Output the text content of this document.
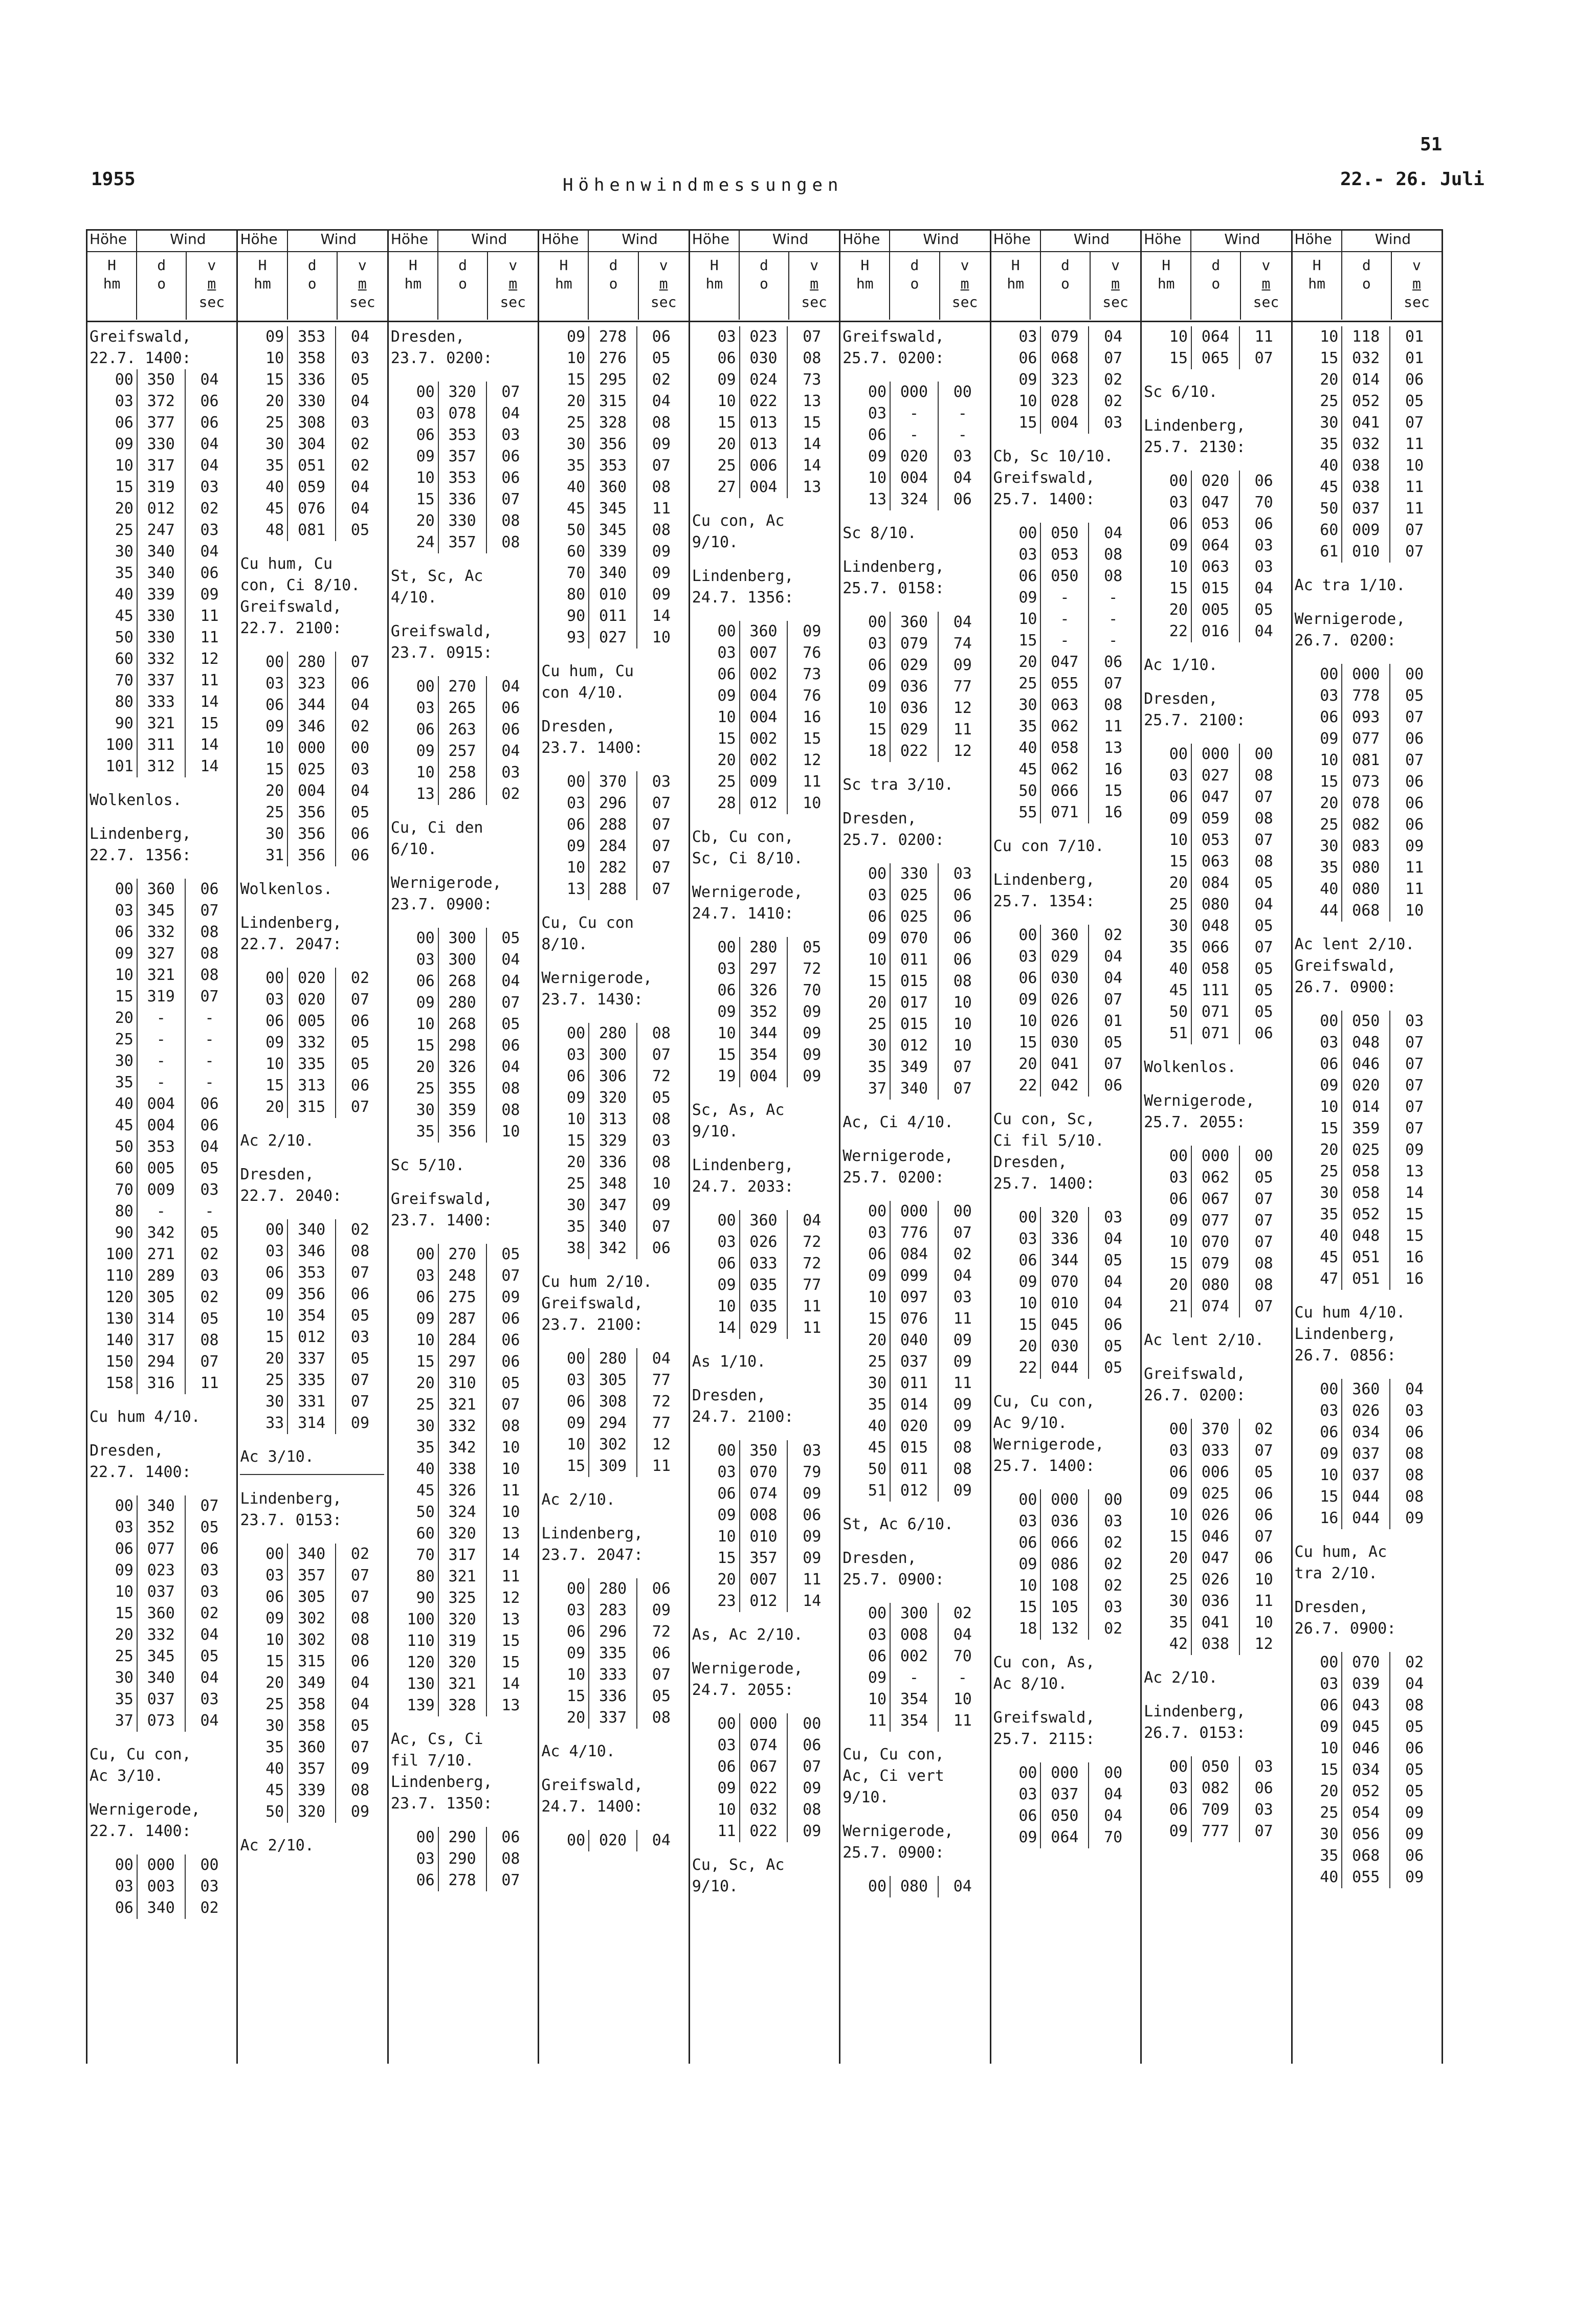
51
1955	Höhenwindmessungen	22.- 26. Juli
Höhe	Wind
H
hm
d
o
v
m
sec
Greifswald,
22.7. 1400:
00 350	04
03 372	06
06 377	06
09 330	04
10 317	04
15 319	03
20 012	02
25 247	03
30 340	04
35 340	06
40 339	09
45 330	11
50 330	11
60 332	12
70 337	11
80 333	14
90 321	15
100 311	14
101 312	14
Wolkenlos.
Lindenberg,
22.7. 1356:
00 360	06
03 345	07
06 332	08
09 327	08
10 321	08
15 319	07
20	-	-
25	-	-
30	-	-
35	-	-
40 004	06
45 004	06
50 353	04
60 005	05
70 009	03
80	-	-
90 342	05
100 271	02
110 289	03
120 305	02
130 314	05
140 317	08
150 294	07
158 316	11
Cu hum 4/10.
Dresden,
22.7. 1400:
00 340	07
03 352	05
06 077	06
09 023	03
10 037	03
15 360	02
20 332	04
25 345	05
30 340	04
35 037	03
37 073	04
Cu, Cu con,
Ac 3/10.
Wernigerode,
22.7. 1400:
00 000	00
03 003	03
06 340	02
Höhe	Wind
H
hm
d
o
v
m
sec
09 353	04
10 358	03
15 336	05
20 330	04
25 308	03
30 304	02
35 051	02
40 059	04
45 076	04
48 081	05
Cu hum, Cu
con, Ci 8/10.
Greifswald,
22.7. 2100:
00 280	07
03 323	06
06 344	04
09 346	02
10 000	00
15 025	03
20 004	04
25 356	05
30 356	06
31 356	06
Wolkenlos.
Lindenberg,
22.7. 2047:
00 020	02
03 020	07
06 005	06
09 332	05
10 335	05
15 313	06
20 315	07
Ac 2/10.
Dresden,
22.7. 2040:
00 340	02
03 346	08
06 353	07
09 356	06
10 354	05
15 012	03
20 337	05
25 335	07
30 331	07
33 314	09
Ac 3/10.
Lindenberg,
23.7. 0153:
00 340	02
03 357	07
06 305	07
09 302	08
10 302	08
15 315	06
20 349	04
25 358	04
30 358	05
35 360	07
40 357	09
45 339	08
50 320	09
Ac 2/10.
Höhe	Wind
H
hm
d
o
v
m
sec
Dresden,
23.7. 0200:
00 320	07
03 078	04
06 353	03
09 357	06
10 353	06
15 336	07
20 330	08
24 357	08
St, Sc, Ac
4/10.
Greifswald,
23.7. 0915:
00 270	04
03 265	06
06 263	06
09 257	04
10 258	03
13 286	02
Cu, Ci den
6/10.
Wernigerode,
23.7. 0900:
00 300	05
03 300	04
06 268	04
09 280	07
10 268	05
15 298	06
20 326	04
25 355	08
30 359	08
35 356	10
Sc 5/10.
Greifswald,
23.7. 1400:
00 270	05
03 248	07
06 275	09
09 287	06
10 284	06
15 297	06
20 310	05
25 321	07
30 332	08
35 342	10
40 338	10
45 326	11
50 324	10
60 320	13
70 317	14
80 321	11
90 325	12
100 320	13
110 319	15
120 320	15
130 321	14
139 328	13
Ac, Cs, Ci
fil 7/10.
Lindenberg,
23.7. 1350:
00 290	06
03 290	08
06 278	07
Höhe	Wind
H
hm
d
o
v
m
sec
09 278	06
10 276	05
15 295	02
20 315	04
25 328	08
30 356	09
35 353	07
40 360	08
45 345	11
50 345	08
60 339	09
70 340	09
80 010	09
90 011	14
93 027	10
Cu hum, Cu
con 4/10.
Dresden,
23.7. 1400:
00 370	03
03 296	07
06 288	07
09 284	07
10 282	07
13 288	07
Cu, Cu con
8/10.
Wernigerode,
23.7. 1430:
00 280	08
03 300	07
06 306	72
09 320	05
10 313	08
15 329	03
20 336	08
25 348	10
30 347	09
35 340	07
38 342	06
Cu hum 2/10.
Greifswald,
23.7. 2100:
00 280	04
03 305	77
06 308	72
09 294	77
10 302	12
15 309	11
Ac 2/10.
Lindenberg,
23.7. 2047:
00 280	06
03 283	09
06 296	72
09 335	06
10 333	07
15 336	05
20 337	08
Ac 4/10.
Greifswald,
24.7. 1400:
00 020	04
Höhe	Wind
H
hm
d
o
v
m
sec
03 023	07
06 030	08
09 024	73
10 022	13
15 013	15
20 013	14
25 006	14
27 004	13
Cu con, Ac
9/10.
Lindenberg,
24.7. 1356:
00 360	09
03 007	76
06 002	73
09 004	76
10 004	16
15 002	15
20 002	12
25 009	11
28 012	10
Cb, Cu con,
Sc, Ci 8/10.
Wernigerode,
24.7. 1410:
00 280	05
03 297	72
06 326	70
09 352	09
10 344	09
15 354	09
19 004	09
Sc, As, Ac
9/10.
Lindenberg,
24.7. 2033:
00 360	04
03 026	72
06 033	72
09 035	77
10 035	11
14 029	11
As 1/10.
Dresden,
24.7. 2100:
00 350	03
03 070	79
06 074	09
09 008	06
10 010	09
15 357	09
20 007	11
23 012	14
As, Ac 2/10.
Wernigerode,
24.7. 2055:
00 000	00
03 074	06
06 067	07
09 022	09
10 032	08
11 022	09
Cu, Sc, Ac
9/10.
Höhe	Wind
H
hm
d
o
v
m
sec
Greifswald,
25.7. 0200:
00 000	00
03	-	-
06	-	-
09 020	03
10 004	04
13 324	06
Sc 8/10.
Lindenberg,
25.7. 0158:
00 360	04
03 079	74
06 029	09
09 036	77
10 036	12
15 029	11
18 022	12
Sc tra 3/10.
Dresden,
25.7. 0200:
00 330	03
03 025	06
06 025	06
09 070	06
10 011	06
15 015	08
20 017	10
25 015	10
30 012	10
35 349	07
37 340	07
Ac, Ci 4/10.
Wernigerode,
25.7. 0200:
00 000	00
03 776	07
06 084	02
09 099	04
10 097	03
15 076	11
20 040	09
25 037	09
30 011	11
35 014	09
40 020	09
45 015	08
50 011	08
51 012	09
St, Ac 6/10.
Dresden,
25.7. 0900:
00 300	02
03 008	04
06 002	70
09	-	-
10 354	10
11 354	11
Cu, Cu con,
Ac, Ci vert
9/10.
Wernigerode,
25.7. 0900:
00 080	04
Höhe	Wind
H
hm
d
o
v
m
sec
03 079	04
06 068	07
09 323	02
10 028	02
15 004	03
Cb, Sc 10/10.
Greifswald,
25.7. 1400:
00 050	04
03 053	08
06 050	08
09	-	-
10	-	-
15	-	-
20 047	06
25 055	07
30 063	08
35 062	11
40 058	13
45 062	16
50 066	15
55 071	16
Cu con 7/10.
Lindenberg,
25.7. 1354:
00 360	02
03 029	04
06 030	04
09 026	07
10 026	01
15 030	05
20 041	07
22 042	06
Cu con, Sc,
Ci fil 5/10.
Dresden,
25.7. 1400:
00 320	03
03 336	04
06 344	05
09 070	04
10 010	04
15 045	06
20 030	05
22 044	05
Cu, Cu con,
Ac 9/10.
Wernigerode,
25.7. 1400:
00 000	00
03 036	03
06 066	02
09 086	02
10 108	02
15 105	03
18 132	02
Cu con, As,
Ac 8/10.
Greifswald,
25.7. 2115:
00 000	00
03 037	04
06 050	04
09 064	70
Höhe	Wind
H
hm
d
o
v
m
sec
10 064	11
15 065	07
Sc 6/10.
Lindenberg,
25.7. 2130:
00 020	06
03 047	70
06 053	06
09 064	03
10 063	03
15 015	04
20 005	05
22 016	04
Ac 1/10.
Dresden,
25.7. 2100:
00 000	00
03 027	08
06 047	07
09 059	08
10 053	07
15 063	08
20 084	05
25 080	04
30 048	05
35 066	07
40 058	05
45 111	05
50 071	05
51 071	06
Wolkenlos.
Wernigerode,
25.7. 2055:
00 000	00
03 062	05
06 067	07
09 077	07
10 070	07
15 079	08
20 080	08
21 074	07
Ac lent 2/10.
Greifswald,
26.7. 0200:
00 370	02
03 033	07
06 006	05
09 025	06
10 026	06
15 046	07
20 047	06
25 026	10
30 036	11
35 041	10
42 038	12
Ac 2/10.
Lindenberg,
26.7. 0153:
00 050	03
03 082	06
06 709	03
09 777	07
Höhe	Wind
H
hm
d
o
v
m
sec
10 118	01
15 032	01
20 014	06
25 052	05
30 041	07
35 032	11
40 038	10
45 038	11
50 037	11
60 009	07
61 010	07
Ac tra 1/10.
Wernigerode,
26.7. 0200:
00 000	00
03 778	05
06 093	07
09 077	06
10 081	07
15 073	06
20 078	06
25 082	06
30 083	09
35 080	11
40 080	11
44 068	10
Ac lent 2/10.
Greifswald,
26.7. 0900:
00 050	03
03 048	07
06 046	07
09 020	07
10 014	07
15 359	07
20 025	09
25 058	13
30 058	14
35 052	15
40 048	15
45 051	16
47 051	16
Cu hum 4/10.
Lindenberg,
26.7. 0856:
00 360	04
03 026	03
06 034	06
09 037	08
10 037	08
15 044	08
16 044	09
Cu hum, Ac
tra 2/10.
Dresden,
26.7. 0900:
00 070	02
03 039	04
06 043	08
09 045	05
10 046	06
15 034	05
20 052	05
25 054	09
30 056	09
35 068	06
40 055	09
